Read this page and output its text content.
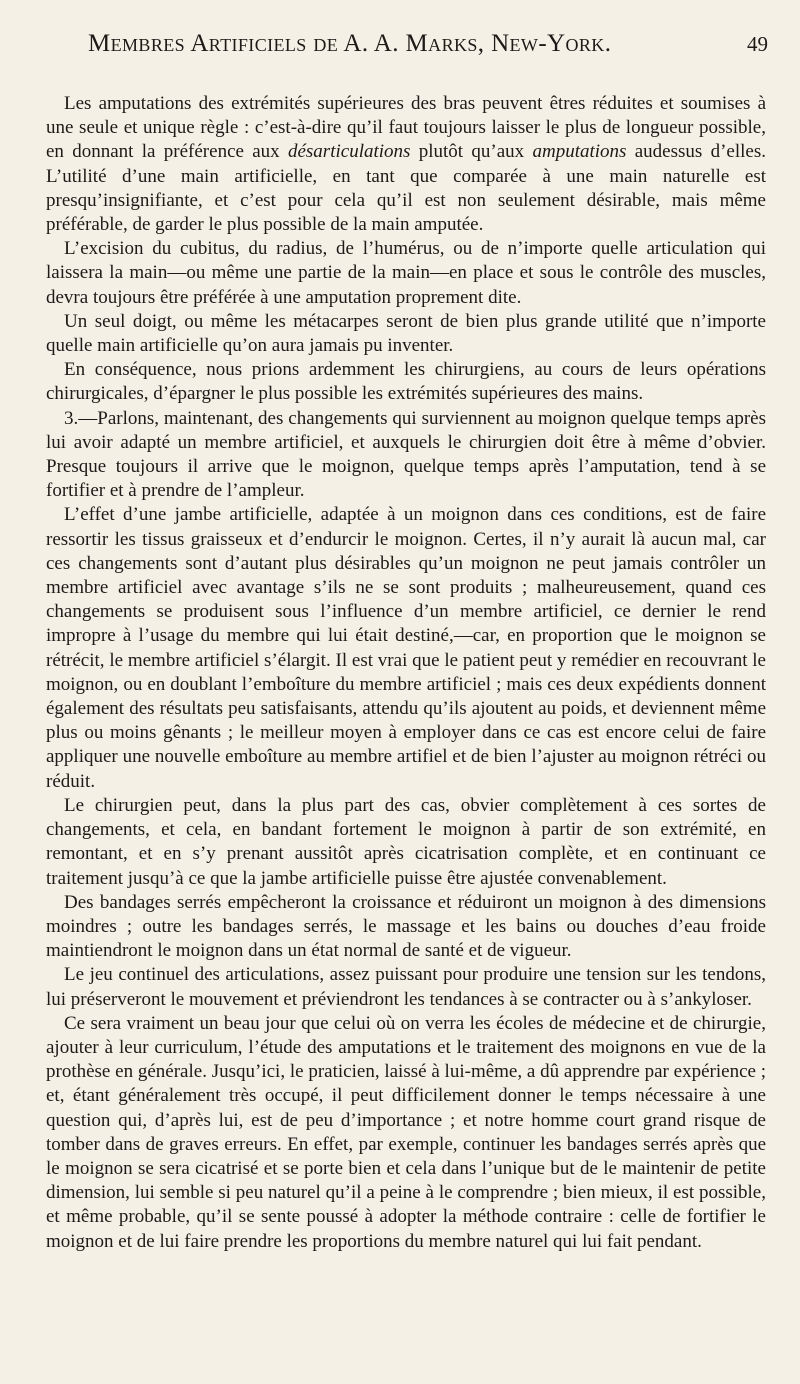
Membres Artificiels de A. A. Marks, New-York.	49

Les amputations des extrémités supérieures des bras peuvent êtres réduites et soumises à une seule et unique règle : c’est-à-dire qu’il faut toujours laisser le plus de longueur possible, en donnant la préférence aux désarticulations plutôt qu’aux amputations audessus d’elles. L’utilité d’une main artificielle, en tant que comparée à une main naturelle est presqu’insignifiante, et c’est pour cela qu’il est non seulement désirable, mais même préférable, de garder le plus possible de la main amputée.

L’excision du cubitus, du radius, de l’humérus, ou de n’importe quelle articulation qui laissera la main—ou même une partie de la main—en place et sous le contrôle des muscles, devra toujours être préférée à une amputation proprement dite.

Un seul doigt, ou même les métacarpes seront de bien plus grande utilité que n’importe quelle main artificielle qu’on aura jamais pu inventer.

En conséquence, nous prions ardemment les chirurgiens, au cours de leurs opérations chirurgicales, d’épargner le plus possible les extrémités supérieures des mains.

3.—Parlons, maintenant, des changements qui surviennent au moignon quelque temps après lui avoir adapté un membre artificiel, et auxquels le chirurgien doit être à même d’obvier. Presque toujours il arrive que le moignon, quelque temps après l’amputation, tend à se fortifier et à prendre de l’ampleur.

L’effet d’une jambe artificielle, adaptée à un moignon dans ces conditions, est de faire ressortir les tissus graisseux et d’endurcir le moignon. Certes, il n’y aurait là aucun mal, car ces changements sont d’autant plus désirables qu’un moignon ne peut jamais contrôler un membre artificiel avec avantage s’ils ne se sont produits ; malheureusement, quand ces changements se produisent sous l’influence d’un membre artificiel, ce dernier le rend impropre à l’usage du membre qui lui était destiné,—car, en proportion que le moignon se rétrécit, le membre artificiel s’élargit. Il est vrai que le patient peut y remédier en recouvrant le moignon, ou en doublant l’emboîture du membre artificiel ; mais ces deux expédients donnent également des résultats peu satisfaisants, attendu qu’ils ajoutent au poids, et deviennent même plus ou moins gênants ; le meilleur moyen à employer dans ce cas est encore celui de faire appliquer une nouvelle emboîture au membre artifiel et de bien l’ajuster au moignon rétréci ou réduit.

Le chirurgien peut, dans la plus part des cas, obvier complètement à ces sortes de changements, et cela, en bandant fortement le moignon à partir de son extrémité, en remontant, et en s’y prenant aussitôt après cicatrisation complète, et en continuant ce traitement jusqu’à ce que la jambe artificielle puisse être ajustée convenablement.

Des bandages serrés empêcheront la croissance et réduiront un moignon à des dimensions moindres ; outre les bandages serrés, le massage et les bains ou douches d’eau froide maintiendront le moignon dans un état normal de santé et de vigueur.

Le jeu continuel des articulations, assez puissant pour produire une tension sur les tendons, lui préserveront le mouvement et préviendront les tendances à se contracter ou à s’ankyloser.

Ce sera vraiment un beau jour que celui où on verra les écoles de médecine et de chirurgie, ajouter à leur curriculum, l’étude des amputations et le traitement des moignons en vue de la prothèse en générale. Jusqu’ici, le praticien, laissé à lui-même, a dû apprendre par expérience ; et, étant généralement très occupé, il peut difficilement donner le temps nécessaire à une question qui, d’après lui, est de peu d’importance ; et notre homme court grand risque de tomber dans de graves erreurs. En effet, par exemple, continuer les bandages serrés après que le moignon se sera cicatrisé et se porte bien et cela dans l’unique but de le maintenir de petite dimension, lui semble si peu naturel qu’il a peine à le comprendre ; bien mieux, il est possible, et même probable, qu’il se sente poussé à adopter la méthode contraire : celle de fortifier le moignon et de lui faire prendre les proportions du membre naturel qui lui fait pendant.
